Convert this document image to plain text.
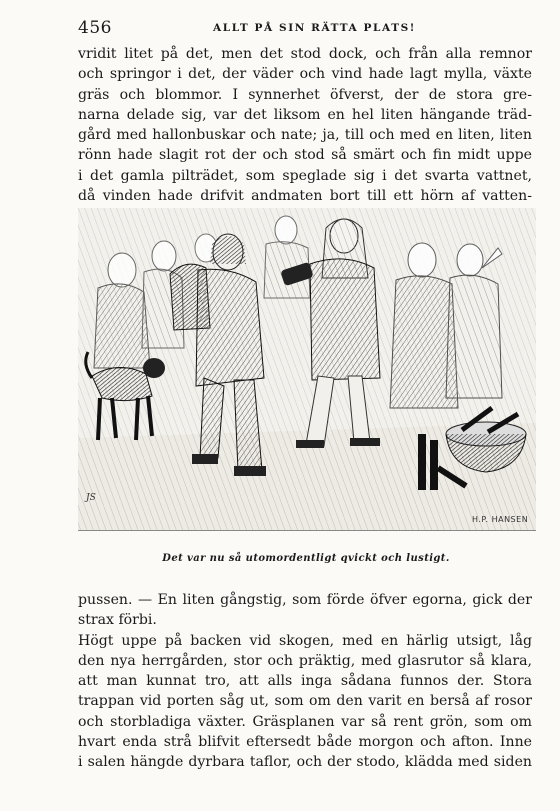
456	ALLT PÅ SIN RÄTTA PLATS!
vridit litet på det, men det stod dock, och från alla remnor
och springor i det, der väder och vind hade lagt mylla, växte
gräs och blommor. I synnerhet öfverst, der de stora gre-
narna delade sig, var det liksom en hel liten hängande träd-
gård med hallonbuskar och nate; ja, till och med en liten, liten
rönn hade slagit rot der och stod så smärt och fin midt uppe
i det gamla pilträdet, som speglade sig i det svarta vattnet,
då vinden hade drifvit andmaten bort till ett hörn af vatten-
JS
H.P. HANSEN
Det var nu så utomordentligt qvickt och lustigt.
pussen. — En liten gångstig, som förde öfver egorna, gick der
strax förbi.
Högt uppe på backen vid skogen, med en härlig utsigt, låg
den nya herrgården, stor och präktig, med glasrutor så klara,
att man kunnat tro, att alls inga sådana funnos der. Stora
trappan vid porten såg ut, som om den varit en berså af rosor
och storbladiga växter. Gräsplanen var så rent grön, som om
hvart enda strå blifvit eftersedt både morgon och afton. Inne
i salen hängde dyrbara taflor, och der stodo, klädda med siden
